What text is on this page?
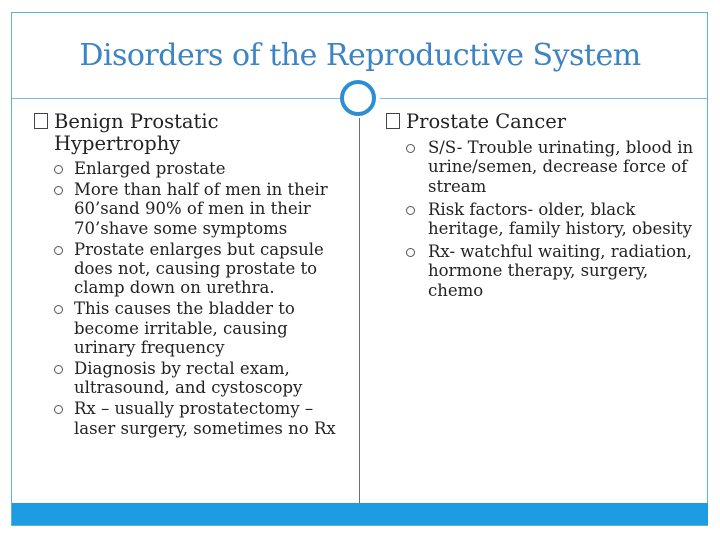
Disorders of the Reproductive System
Benign Prostatic
Hypertrophy
Enlarged prostate
More than half of men in their 60’sand 90% of men in their 70’shave some symptoms
Prostate enlarges but capsule does not, causing prostate to clamp down on urethra.
This causes the bladder to become irritable, causing urinary frequency
Diagnosis by rectal exam, ultrasound, and cystoscopy
Rx – usually prostatectomy – laser surgery, sometimes no Rx
Prostate Cancer
S/S- Trouble urinating, blood in urine/semen, decrease force of stream
Risk factors- older, black heritage, family history, obesity
Rx- watchful waiting, radiation, hormone therapy, surgery, chemo
